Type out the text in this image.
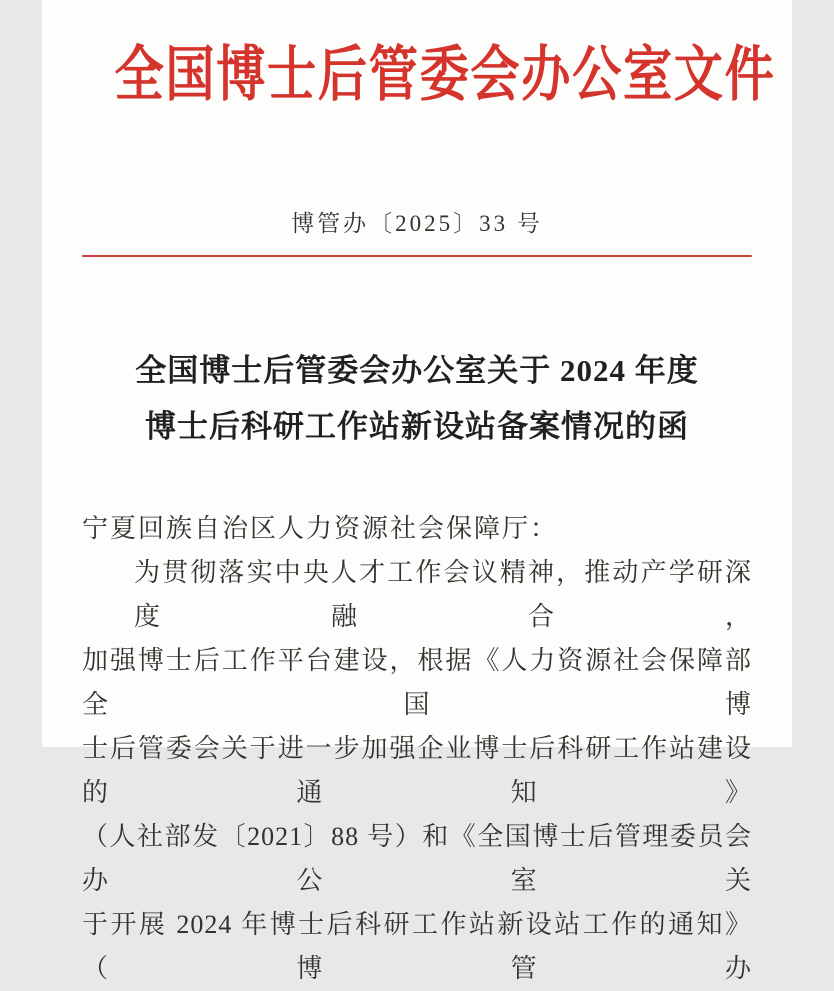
全国博士后管委会办公室文件
博管办〔2025〕33 号
全国博士后管委会办公室关于 2024 年度
博士后科研工作站新设站备案情况的函
宁夏回族自治区人力资源社会保障厅：
为贯彻落实中央人才工作会议精神，推动产学研深度融合，
加强博士后工作平台建设，根据《人力资源社会保障部 全国博
士后管委会关于进一步加强企业博士后科研工作站建设的通知》
（人社部发〔2021〕88 号）和《全国博士后管理委员会办公室关
于开展 2024 年博士后科研工作站新设站工作的通知》（博管办
